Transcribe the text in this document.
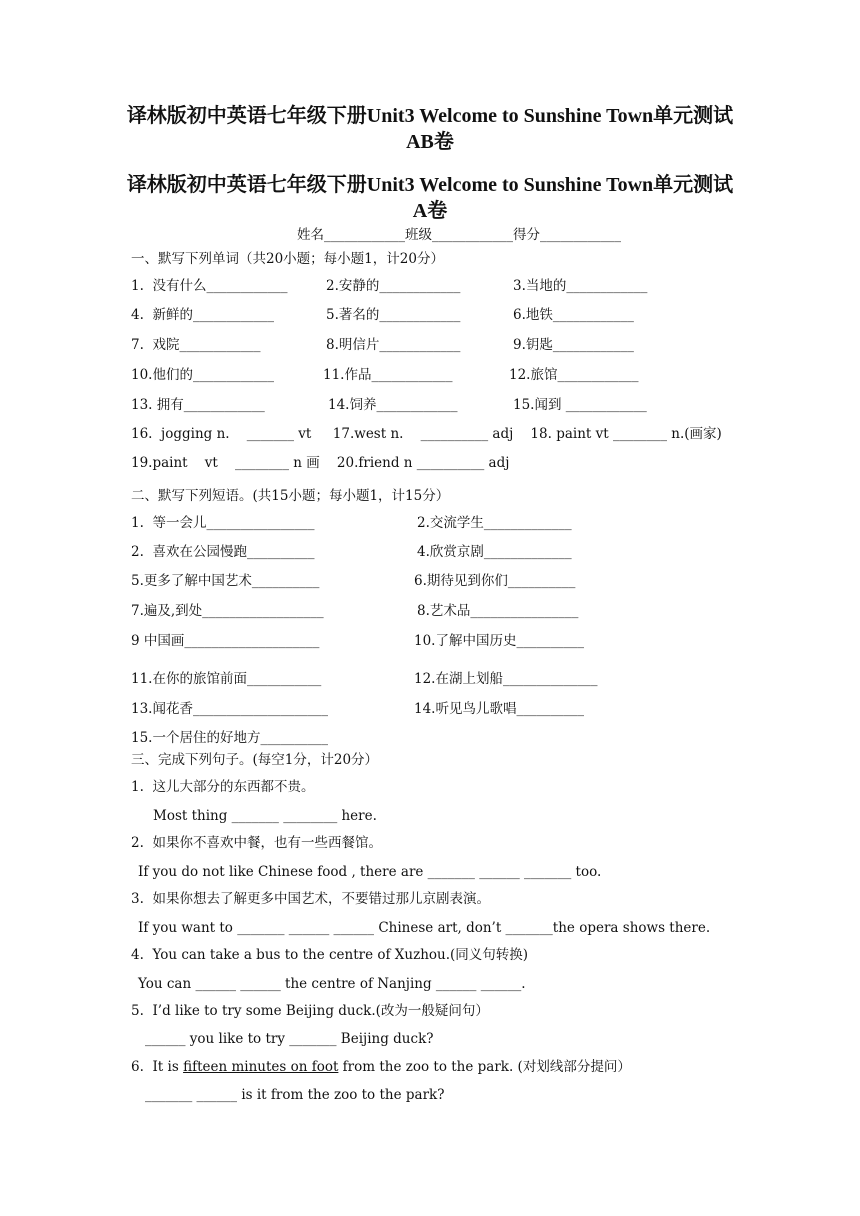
译林版初中英语七年级下册Unit3 Welcome to Sunshine Town单元测试AB卷
译林版初中英语七年级下册Unit3 Welcome to Sunshine Town单元测试A卷
姓名____________班级____________得分____________
一、默写下列单词（共20小题；每小题1，计20分）
1.  没有什么____________	2.安静的____________	3.当地的____________
4.  新鲜的____________	5.著名的____________	6.地铁____________
7.  戏院____________	8.明信片____________	9.钥匙____________
10.他们的____________	11.作品____________	12.旅馆____________
13. 拥有____________	14.饲养____________	15.闻到 ____________
16.  jogging n.    _______ vt     17.west n.    __________ adj    18. paint vt ________ n.(画家)
19.paint    vt    ________ n 画    20.friend n __________ adj
二、默写下列短语。(共15小题；每小题1，计15分）
1.  等一会儿________________	2.交流学生_____________
2.  喜欢在公园慢跑__________	4.欣赏京剧_____________
5.更多了解中国艺术__________	6.期待见到你们__________
7.遍及,到处__________________	8.艺术品________________
9 中国画____________________	10.了解中国历史__________
11.在你的旅馆前面___________	12.在湖上划船______________
13.闻花香____________________	14.听见鸟儿歌唱__________
15.一个居住的好地方__________
三、完成下列句子。(每空1分，计20分）
1.  这儿大部分的东西都不贵。
Most thing _______ ________ here.
2.  如果你不喜欢中餐，也有一些西餐馆。
If you do not like Chinese food , there are _______ ______ _______ too.
3.  如果你想去了解更多中国艺术，不要错过那儿京剧表演。
If you want to _______ ______ ______ Chinese art, don’t _______the opera shows there.
4.  You can take a bus to the centre of Xuzhou.(同义句转换)
You can ______ ______ the centre of Nanjing ______ ______.
5.  I’d like to try some Beijing duck.(改为一般疑问句）
______ you like to try _______ Beijing duck?
6.  It is fifteen minutes on foot from the zoo to the park. (对划线部分提问）
_______ ______ is it from the zoo to the park?
